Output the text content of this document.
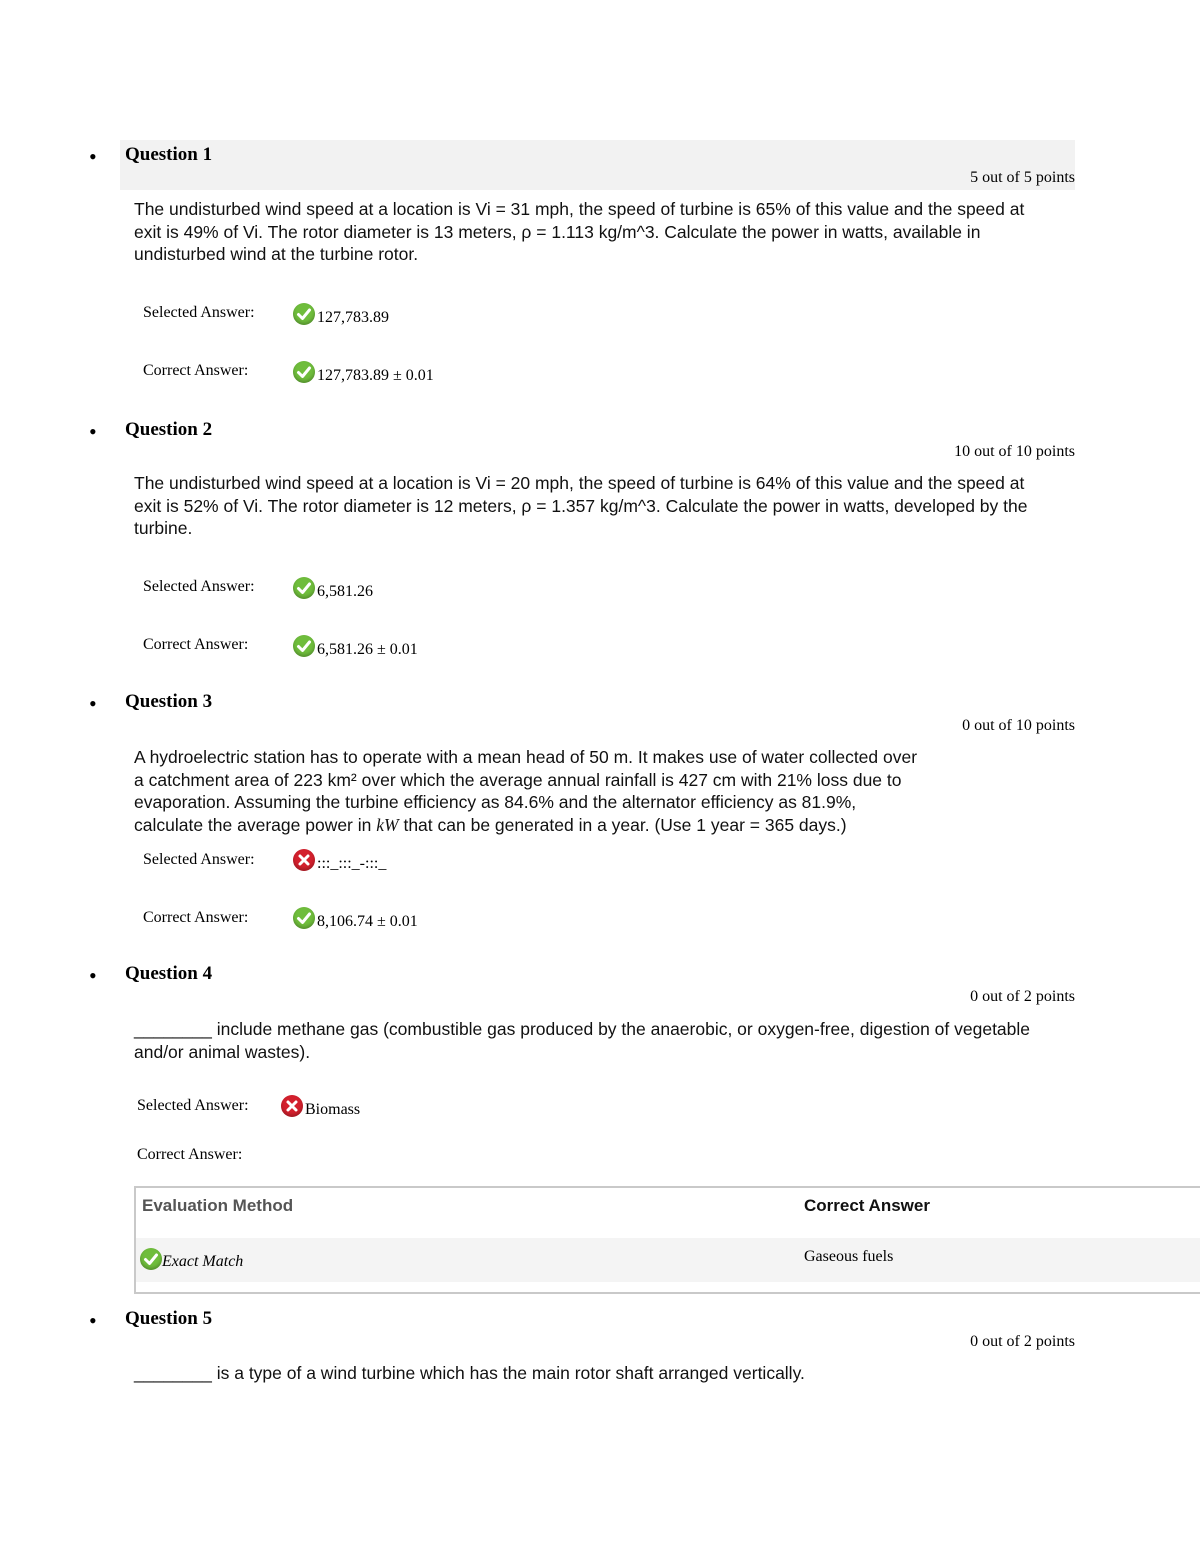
• Question 1
5 out of 5 points
The undisturbed wind speed at a location is Vi = 31 mph, the speed of turbine is 65% of this value and the speed at exit is 49% of Vi. The rotor diameter is 13 meters, ρ = 1.113 kg/m^3. Calculate the power in watts, available in undisturbed wind at the turbine rotor.
Selected Answer:	127,783.89
Correct Answer:	127,783.89 ± 0.01
• Question 2
10 out of 10 points
The undisturbed wind speed at a location is Vi = 20 mph, the speed of turbine is 64% of this value and the speed at exit is 52% of Vi. The rotor diameter is 12 meters, ρ = 1.357 kg/m^3. Calculate the power in watts, developed by the turbine.
Selected Answer:	6,581.26
Correct Answer:	6,581.26 ± 0.01
• Question 3
0 out of 10 points
A hydroelectric station has to operate with a mean head of 50 m. It makes use of water collected over
a catchment area of 223 km² over which the average annual rainfall is 427 cm with 21% loss due to
evaporation. Assuming the turbine efficiency as 84.6% and the alternator efficiency as 81.9%,
calculate the average power in kW that can be generated in a year. (Use 1 year = 365 days.)
Selected Answer:	:::_:::_-:::_
Correct Answer:	8,106.74 ± 0.01
• Question 4
0 out of 2 points
________ include methane gas (combustible gas produced by the anaerobic, or oxygen-free, digestion of vegetable and/or animal wastes).
Selected Answer:	Biomass
Correct Answer:
Evaluation Method	Correct Answer
Exact Match	Gaseous fuels
• Question 5
0 out of 2 points
________ is a type of a wind turbine which has the main rotor shaft arranged vertically.
